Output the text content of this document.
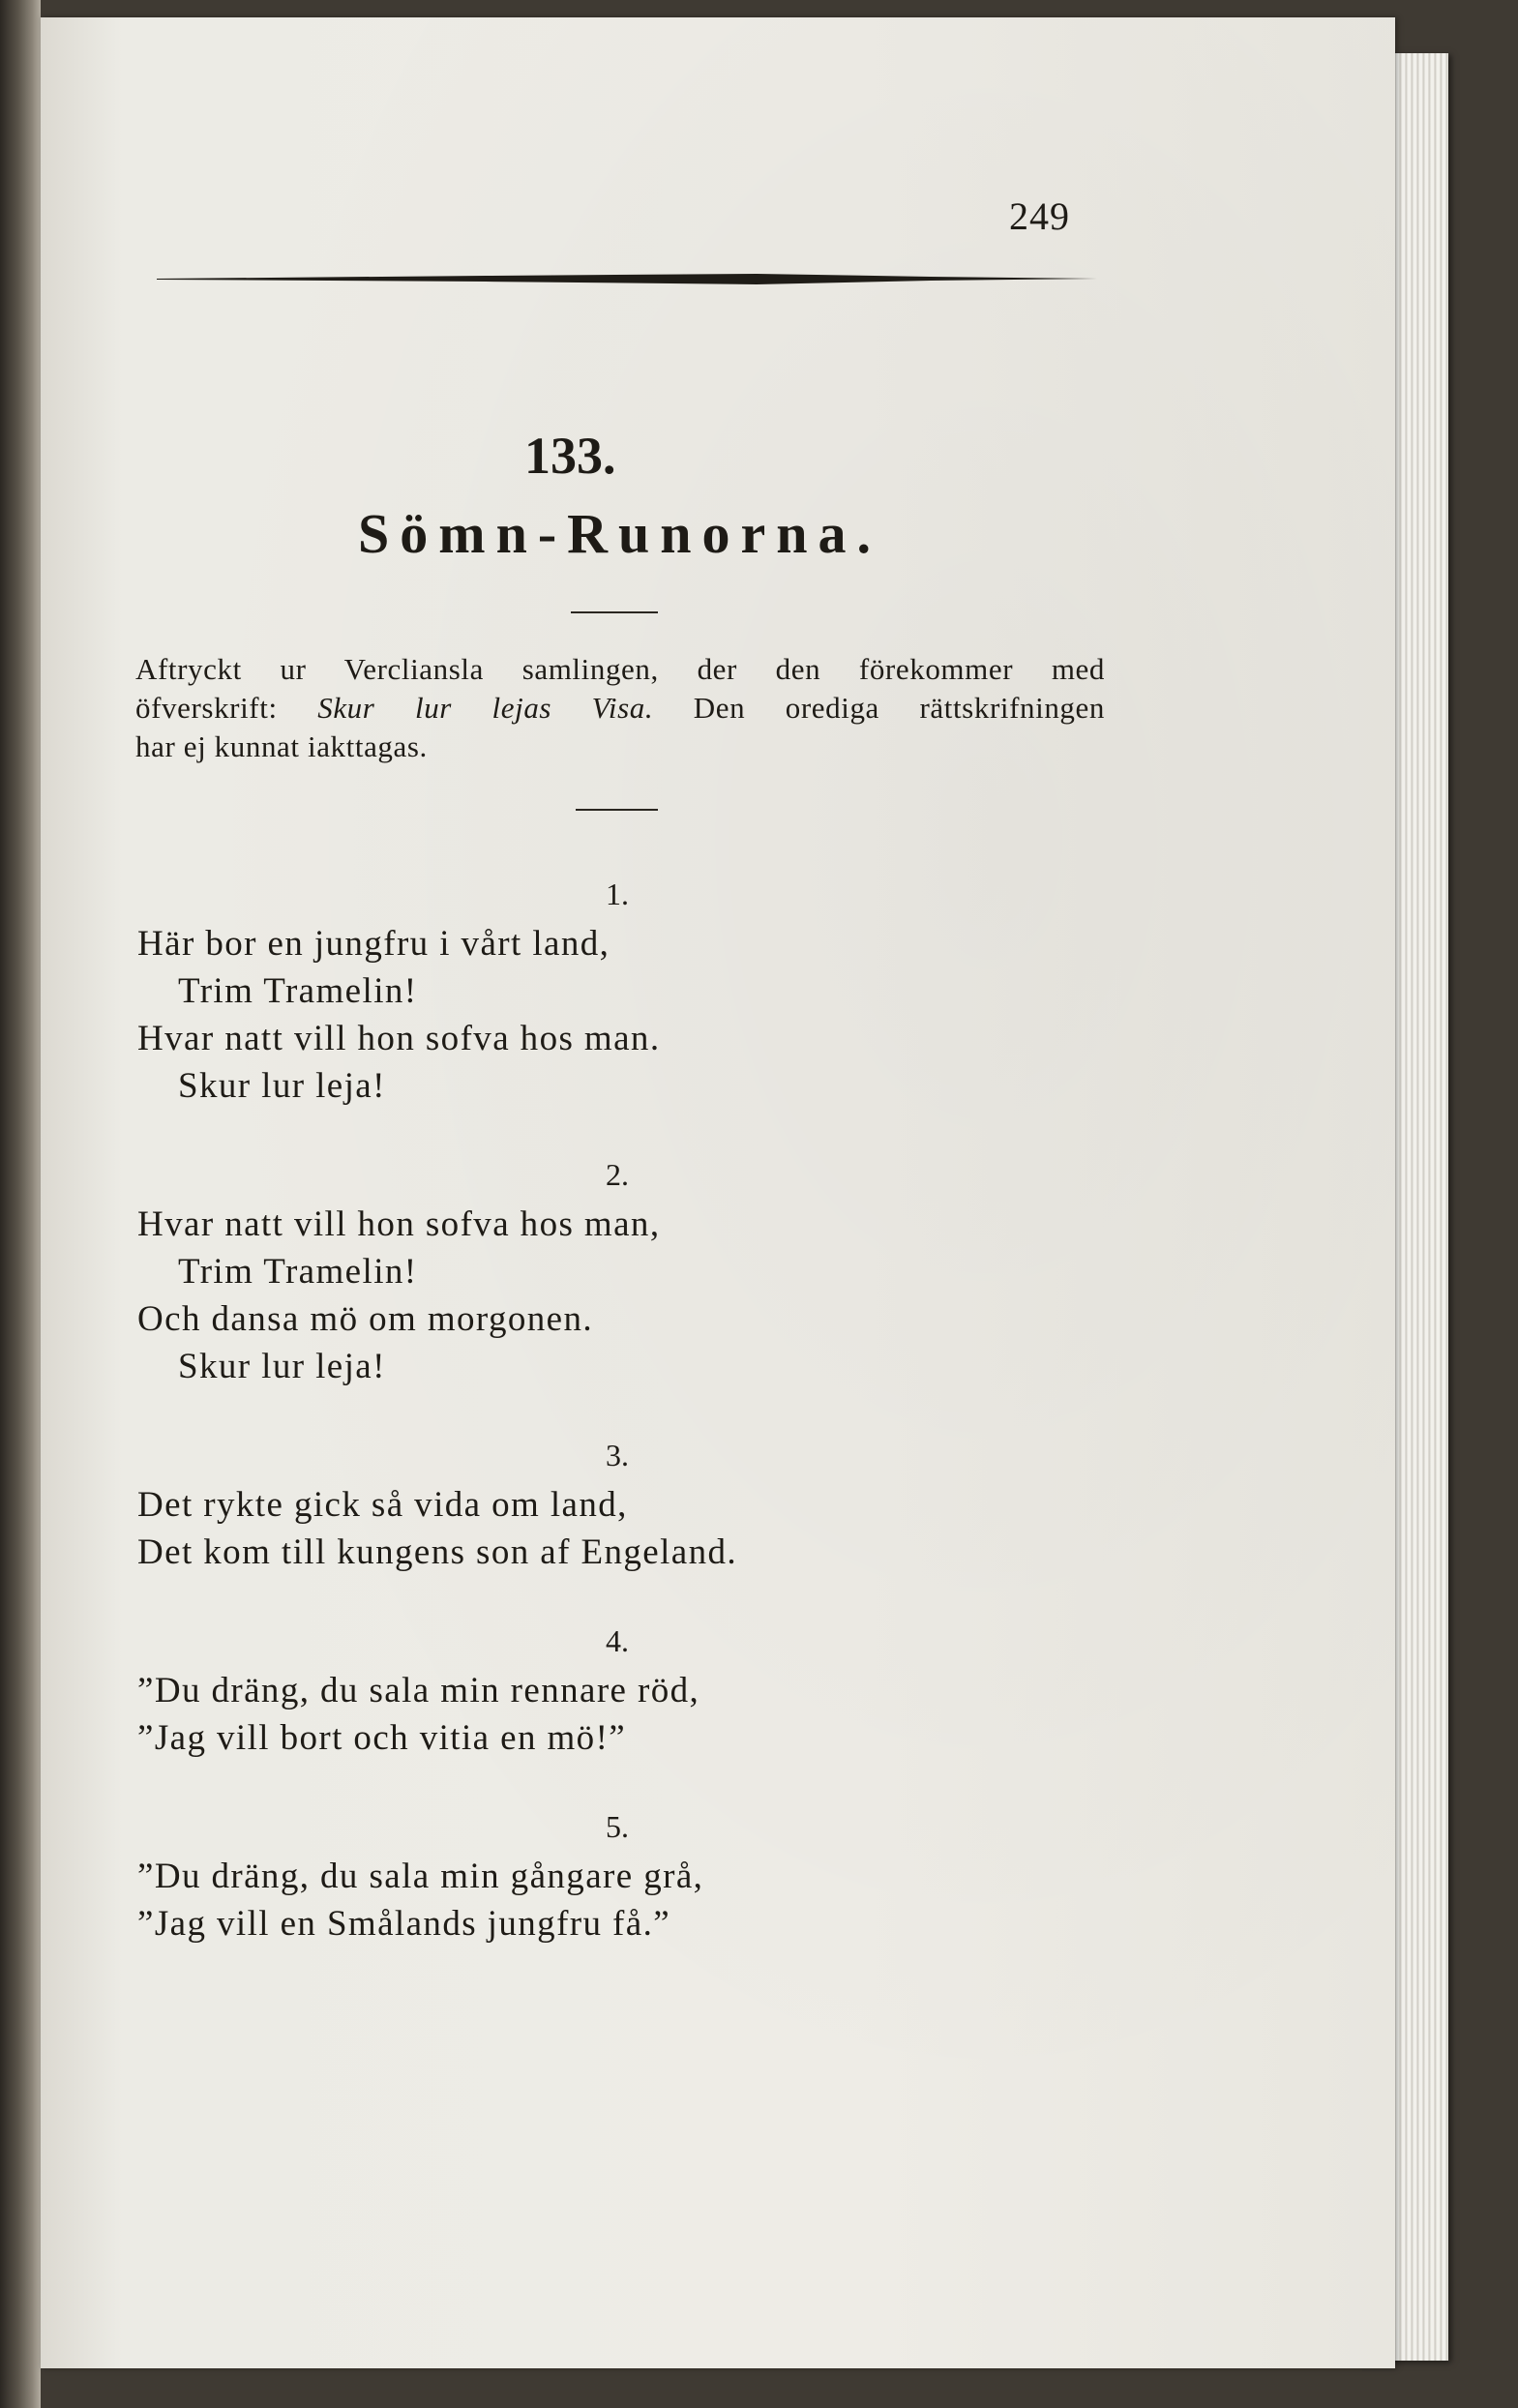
249
133.
Sömn-Runorna.
Aftryckt ur Vercliansla samlingen, der den förekommer med
öfverskrift: Skur lur lejas Visa. Den orediga rättskrifningen
har ej kunnat iakttagas.
1.
Här bor en jungfru i vårt land,
Trim Tramelin!
Hvar natt vill hon sofva hos man.
Skur lur leja!
2.
Hvar natt vill hon sofva hos man,
Trim Tramelin!
Och dansa mö om morgonen.
Skur lur leja!
3.
Det rykte gick så vida om land,
Det kom till kungens son af Engeland.
4.
”Du dräng, du sala min rennare röd,
”Jag vill bort och vitia en mö!”
5.
”Du dräng, du sala min gångare grå,
”Jag vill en Smålands jungfru få.”
